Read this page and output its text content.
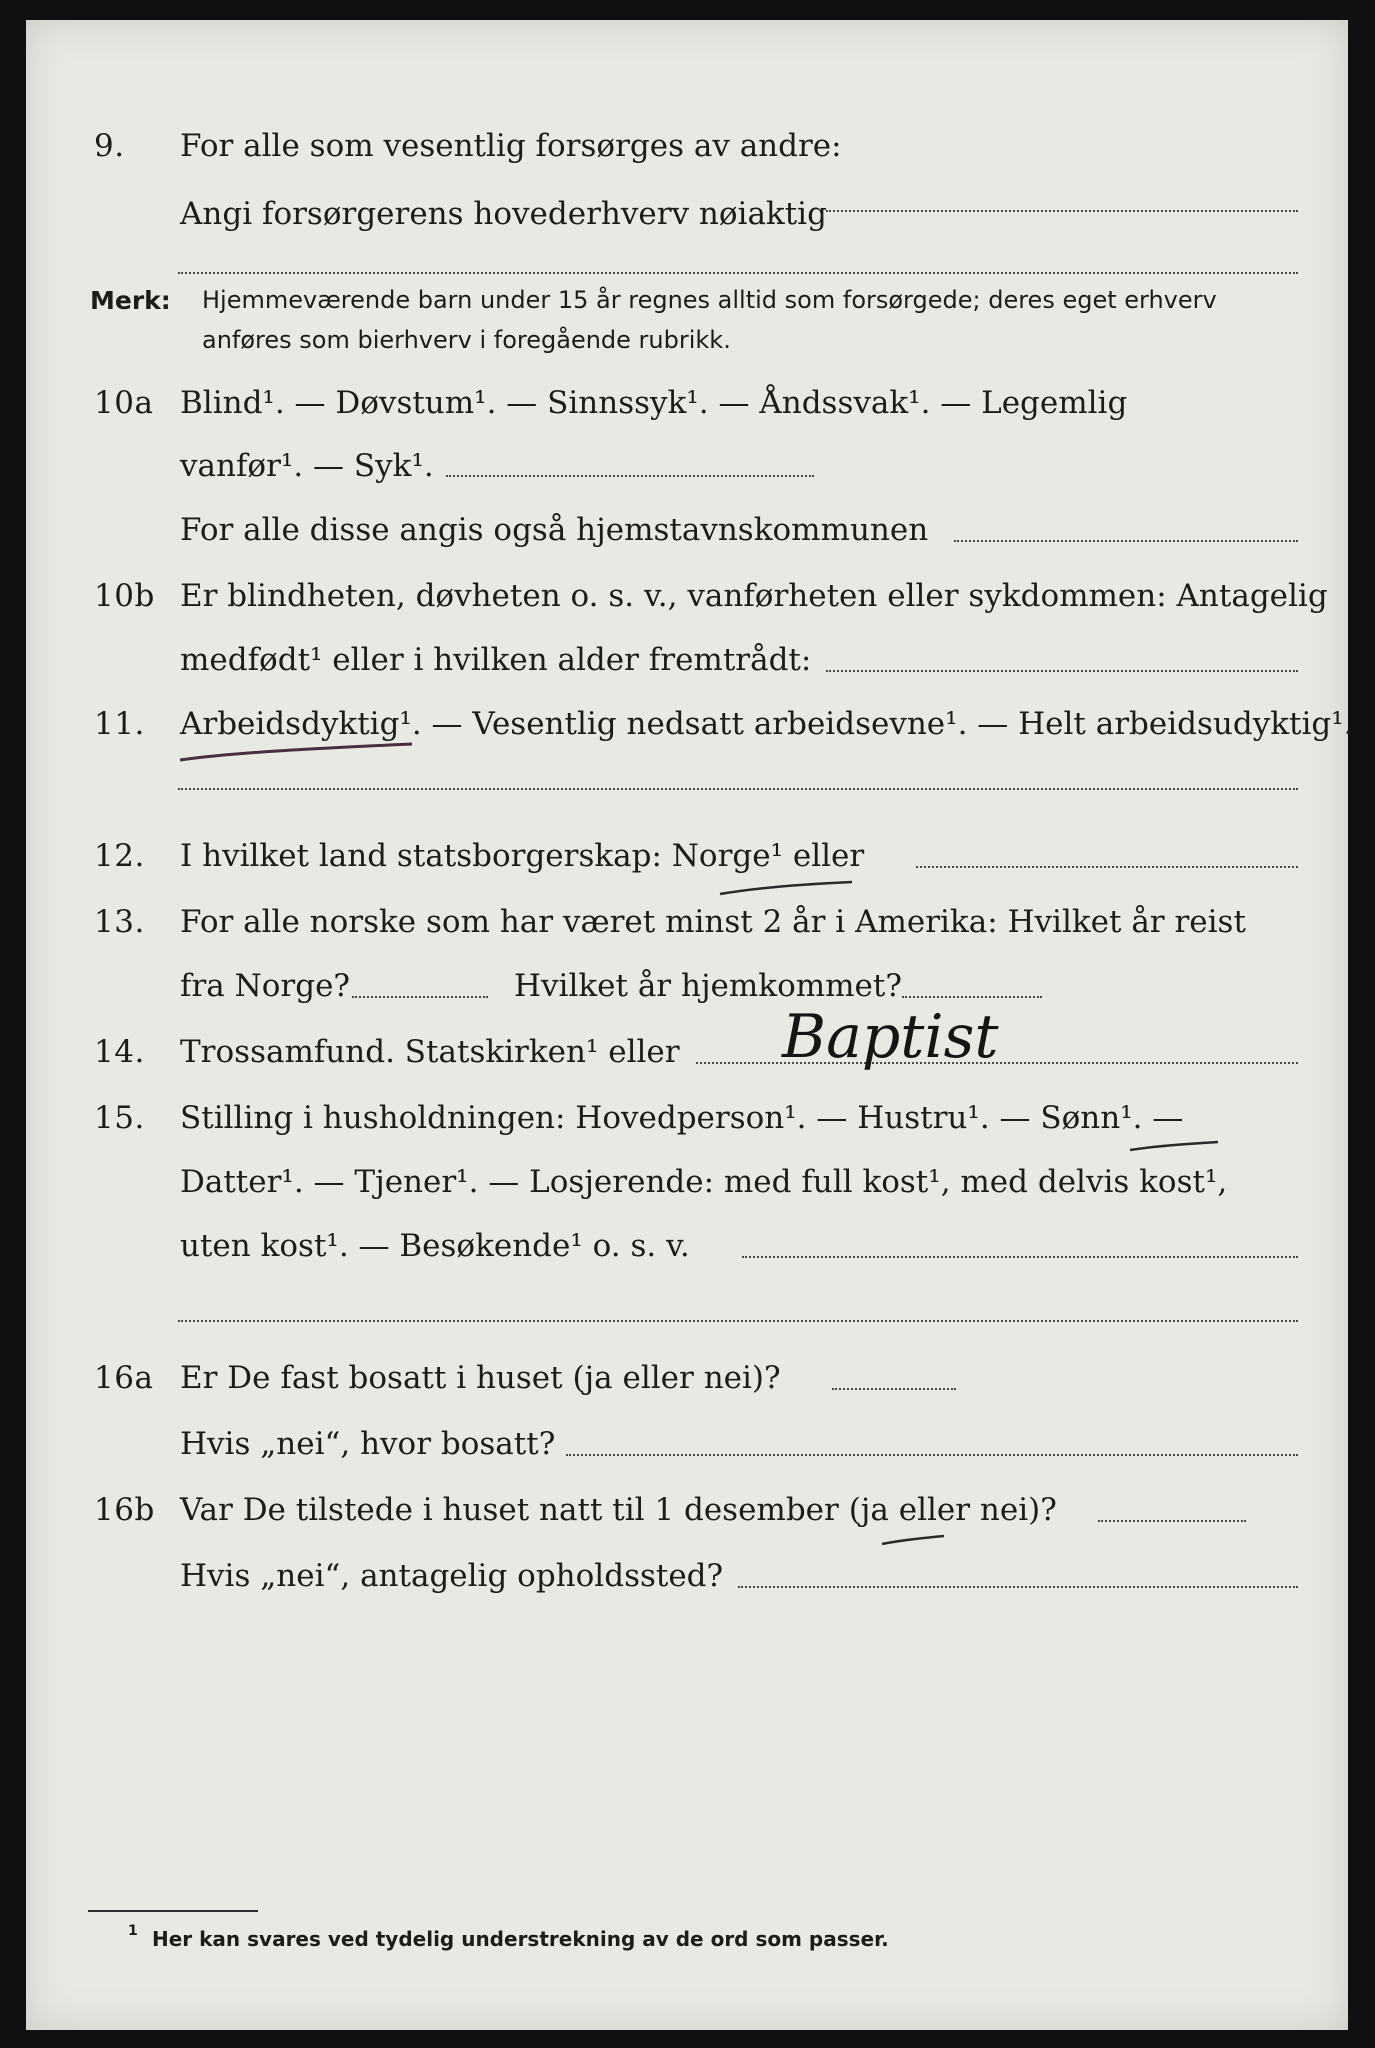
9. For alle som vesentlig forsørges av andre:
Angi forsørgerens hovederhverv nøiaktig
Merk: Hjemmeværende barn under 15 år regnes alltid som forsørgede; deres eget erhverv
anføres som bierhverv i foregående rubrikk.
10a Blind¹. — Døvstum¹. — Sinnssyk¹. — Åndssvak¹. — Legemlig
vanfør¹. — Syk¹.
For alle disse angis også hjemstavnskommunen
10b Er blindheten, døvheten o. s. v., vanførheten eller sykdommen: Antagelig
medfødt¹ eller i hvilken alder fremtrådt:
11. Arbeidsdyktig¹. — Vesentlig nedsatt arbeidsevne¹. — Helt arbeidsudyktig¹.
12. I hvilket land statsborgerskap: Norge¹ eller
13. For alle norske som har været minst 2 år i Amerika: Hvilket år reist
fra Norge?	Hvilket år hjemkommet?
14. Trossamfund. Statskirken¹ eller Baptist
15. Stilling i husholdningen: Hovedperson¹. — Hustru¹. — Sønn¹. —
Datter¹. — Tjener¹. — Losjerende: med full kost¹, med delvis kost¹,
uten kost¹. — Besøkende¹ o. s. v.
16a Er De fast bosatt i huset (ja eller nei)?
Hvis „nei“, hvor bosatt?
16b Var De tilstede i huset natt til 1 desember (ja eller nei)?
Hvis „nei“, antagelig opholdssted?
1 Her kan svares ved tydelig understrekning av de ord som passer.
